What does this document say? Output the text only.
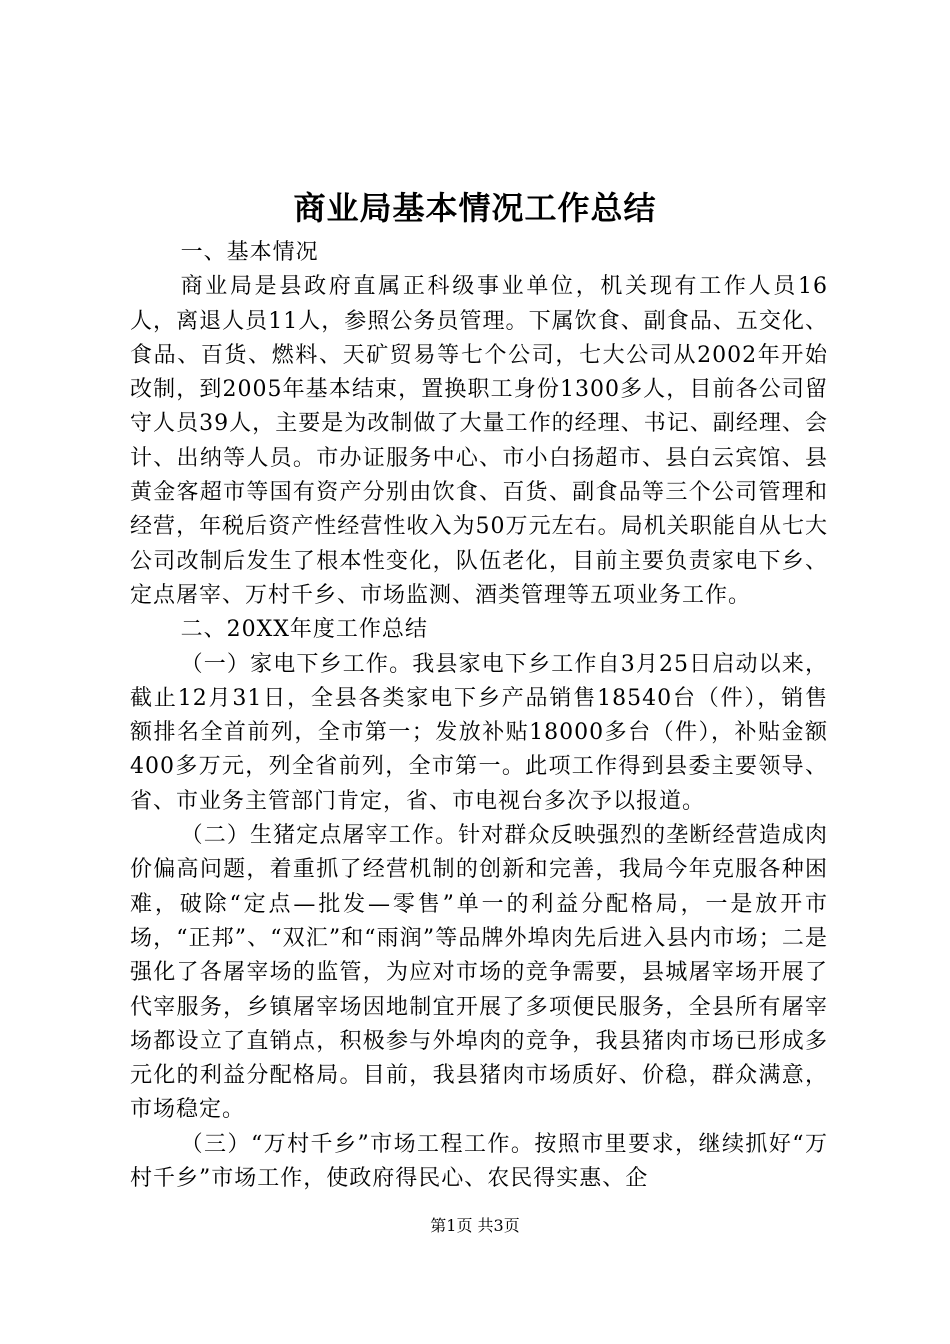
商业局基本情况工作总结

一、基本情况

商业局是县政府直属正科级事业单位，机关现有工作人员16人，离退人员11人，参照公务员管理。下属饮食、副食品、五交化、食品、百货、燃料、天矿贸易等七个公司，七大公司从2002年开始改制，到2005年基本结束，置换职工身份1300多人，目前各公司留守人员39人，主要是为改制做了大量工作的经理、书记、副经理、会计、出纳等人员。市办证服务中心、市小白扬超市、县白云宾馆、县黄金客超市等国有资产分别由饮食、百货、副食品等三个公司管理和经营，年税后资产性经营性收入为50万元左右。局机关职能自从七大公司改制后发生了根本性变化，队伍老化，目前主要负责家电下乡、定点屠宰、万村千乡、市场监测、酒类管理等五项业务工作。

二、20XX年度工作总结

（一）家电下乡工作。我县家电下乡工作自3月25日启动以来，截止12月31日，全县各类家电下乡产品销售18540台（件），销售额排名全首前列，全市第一；发放补贴18000多台（件），补贴金额400多万元，列全省前列，全市第一。此项工作得到县委主要领导、省、市业务主管部门肯定，省、市电视台多次予以报道。

（二）生猪定点屠宰工作。针对群众反映强烈的垄断经营造成肉价偏高问题，着重抓了经营机制的创新和完善，我局今年克服各种困难，破除“定点—批发—零售”单一的利益分配格局，一是放开市场，“正邦”、“双汇”和“雨润”等品牌外埠肉先后进入县内市场；二是强化了各屠宰场的监管，为应对市场的竞争需要，县城屠宰场开展了代宰服务，乡镇屠宰场因地制宜开展了多项便民服务，全县所有屠宰场都设立了直销点，积极参与外埠肉的竞争，我县猪肉市场已形成多元化的利益分配格局。目前，我县猪肉市场质好、价稳，群众满意，市场稳定。

（三）“万村千乡”市场工程工作。按照市里要求，继续抓好“万村千乡”市场工作，使政府得民心、农民得实惠、企

第1页 共3页
